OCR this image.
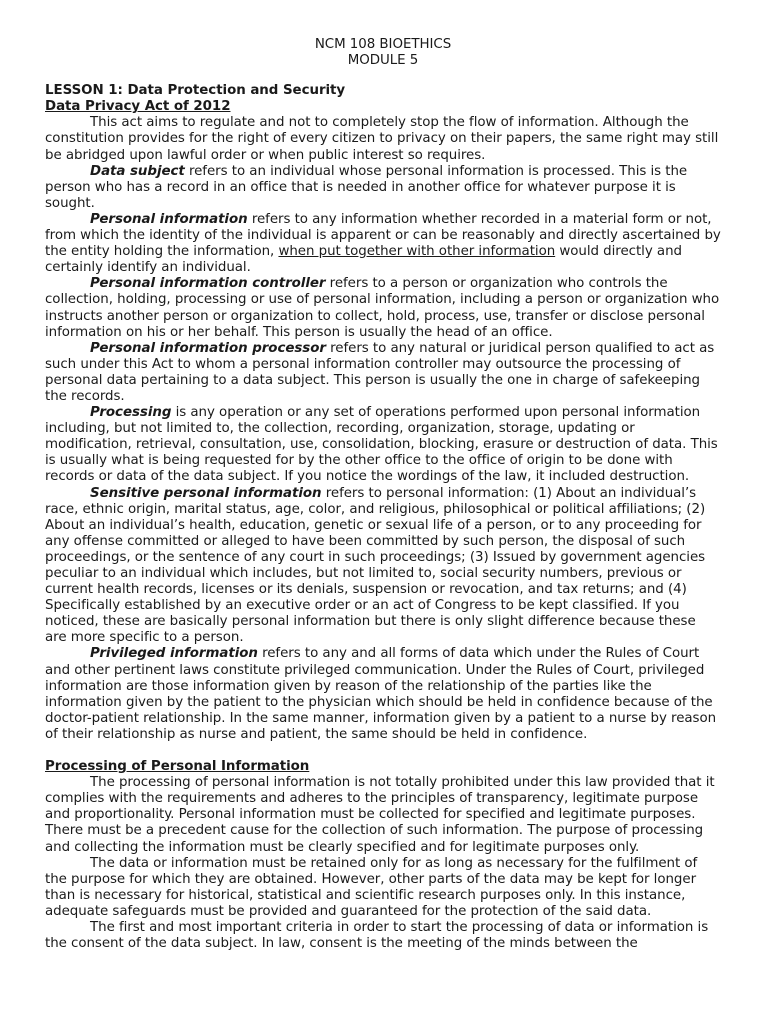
NCM 108 BIOETHICS
MODULE 5
LESSON 1: Data Protection and Security
Data Privacy Act of 2012

This act aims to regulate and not to completely stop the flow of information. Although the constitution provides for the right of every citizen to privacy on their papers, the same right may still be abridged upon lawful order or when public interest so requires.

Data subject refers to an individual whose personal information is processed. This is the person who has a record in an office that is needed in another office for whatever purpose it is sought.

Personal information refers to any information whether recorded in a material form or not, from which the identity of the individual is apparent or can be reasonably and directly ascertained by the entity holding the information, when put together with other information would directly and certainly identify an individual.

Personal information controller refers to a person or organization who controls the collection, holding, processing or use of personal information, including a person or organization who instructs another person or organization to collect, hold, process, use, transfer or disclose personal information on his or her behalf. This person is usually the head of an office.

Personal information processor refers to any natural or juridical person qualified to act as such under this Act to whom a personal information controller may outsource the processing of personal data pertaining to a data subject. This person is usually the one in charge of safekeeping the records.

Processing is any operation or any set of operations performed upon personal information including, but not limited to, the collection, recording, organization, storage, updating or modification, retrieval, consultation, use, consolidation, blocking, erasure or destruction of data. This is usually what is being requested for by the other office to the office of origin to be done with records or data of the data subject. If you notice the wordings of the law, it included destruction.

Sensitive personal information refers to personal information: (1) About an individual’s race, ethnic origin, marital status, age, color, and religious, philosophical or political affiliations; (2) About an individual’s health, education, genetic or sexual life of a person, or to any proceeding for any offense committed or alleged to have been committed by such person, the disposal of such proceedings, or the sentence of any court in such proceedings; (3) Issued by government agencies peculiar to an individual which includes, but not limited to, social security numbers, previous or current health records, licenses or its denials, suspension or revocation, and tax returns; and (4) Specifically established by an executive order or an act of Congress to be kept classified. If you noticed, these are basically personal information but there is only slight difference because these are more specific to a person.

Privileged information refers to any and all forms of data which under the Rules of Court and other pertinent laws constitute privileged communication. Under the Rules of Court, privileged information are those information given by reason of the relationship of the parties like the information given by the patient to the physician which should be held in confidence because of the doctor-patient relationship. In the same manner, information given by a patient to a nurse by reason of their relationship as nurse and patient, the same should be held in confidence.

Processing of Personal Information

The processing of personal information is not totally prohibited under this law provided that it complies with the requirements and adheres to the principles of transparency, legitimate purpose and proportionality. Personal information must be collected for specified and legitimate purposes. There must be a precedent cause for the collection of such information. The purpose of processing and collecting the information must be clearly specified and for legitimate purposes only.

The data or information must be retained only for as long as necessary for the fulfilment of the purpose for which they are obtained. However, other parts of the data may be kept for longer than is necessary for historical, statistical and scientific research purposes only. In this instance, adequate safeguards must be provided and guaranteed for the protection of the said data.

The first and most important criteria in order to start the processing of data or information is the consent of the data subject. In law, consent is the meeting of the minds between the
